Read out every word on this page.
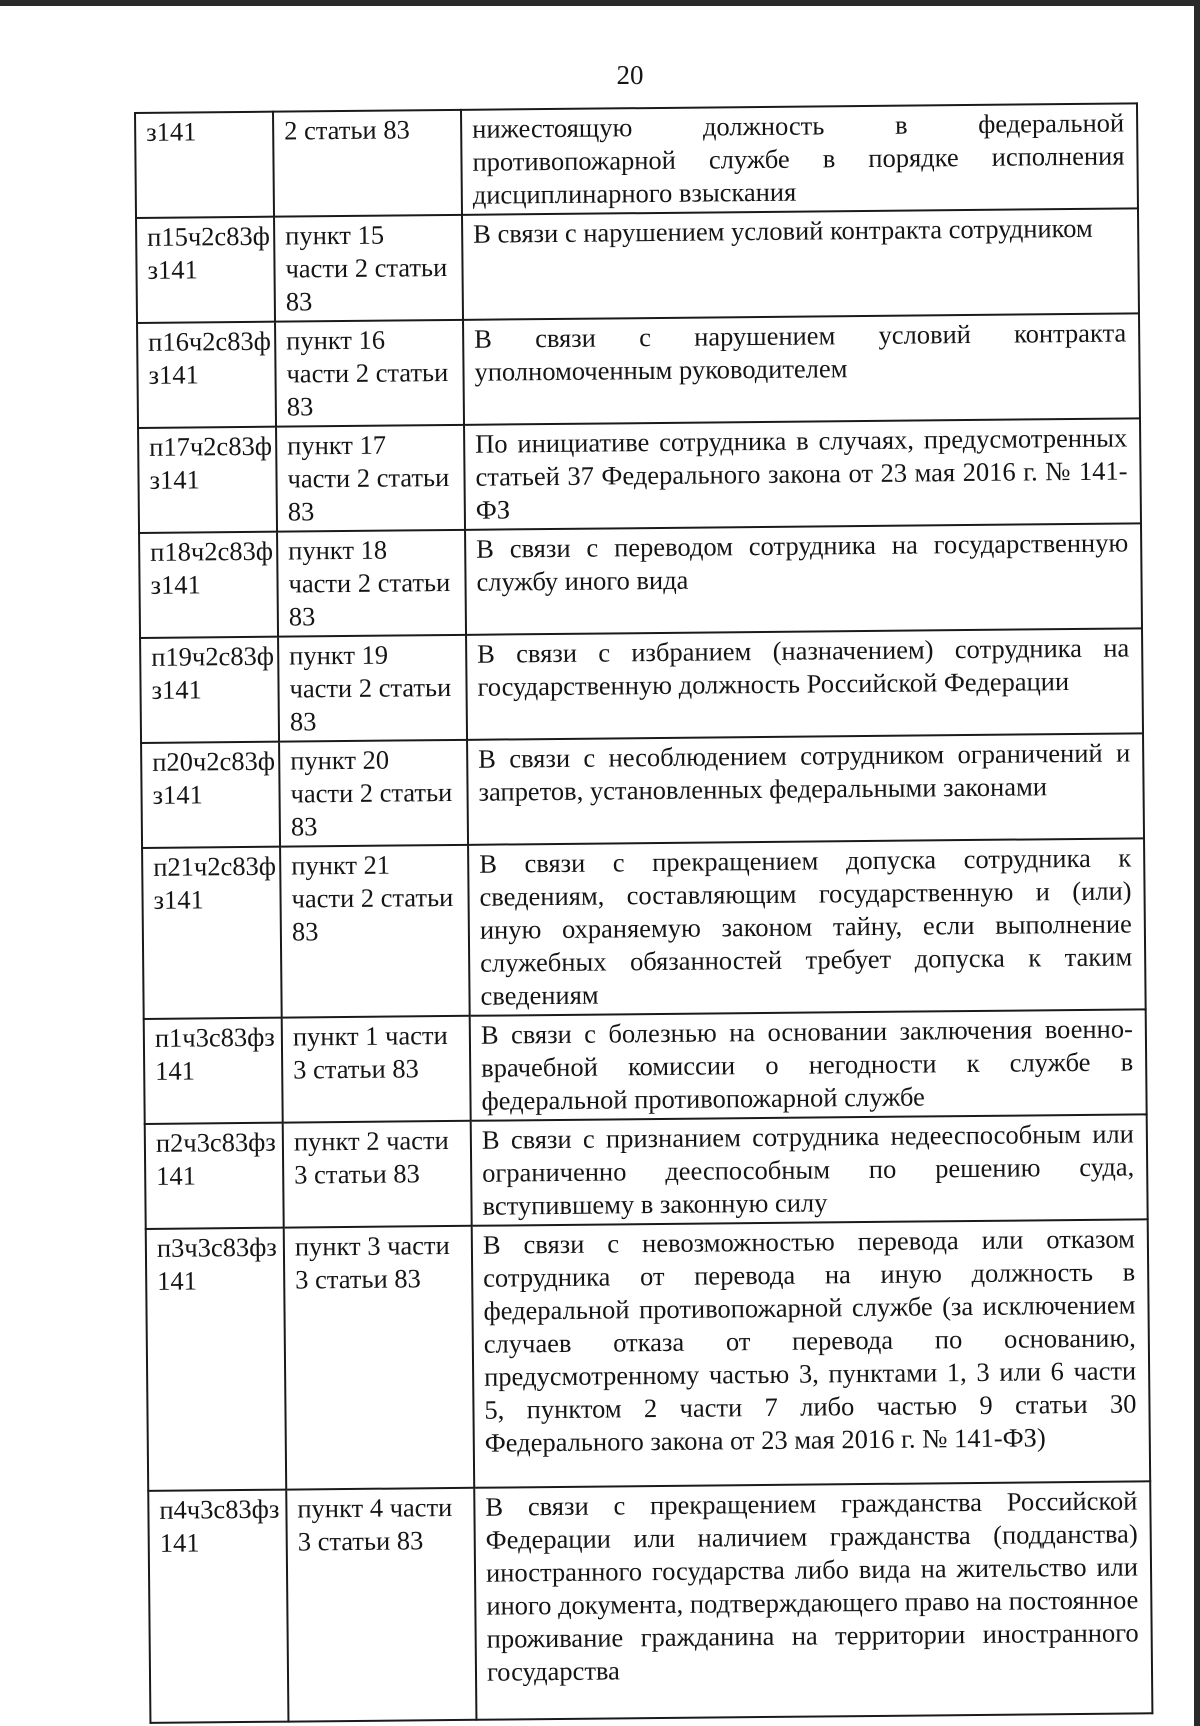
20
з141	2 статьи 83	нижестоящую должность в федеральной противопожарной службе в порядке исполнения дисциплинарного взыскания
п15ч2с83ф з141	пункт 15 части 2 статьи 83	В связи с нарушением условий контракта сотрудником
п16ч2с83ф з141	пункт 16 части 2 статьи 83	В связи с нарушением условий контракта уполномоченным руководителем
п17ч2с83ф з141	пункт 17 части 2 статьи 83	По инициативе сотрудника в случаях, предусмотренных статьей 37 Федерального закона от 23 мая 2016 г. № 141-ФЗ
п18ч2с83ф з141	пункт 18 части 2 статьи 83	В связи с переводом сотрудника на государственную службу иного вида
п19ч2с83ф з141	пункт 19 части 2 статьи 83	В связи с избранием (назначением) сотрудника на государственную должность Российской Федерации
п20ч2с83ф з141	пункт 20 части 2 статьи 83	В связи с несоблюдением сотрудником ограничений и запретов, установленных федеральными законами
п21ч2с83ф з141	пункт 21 части 2 статьи 83	В связи с прекращением допуска сотрудника к сведениям, составляющим государственную и (или) иную охраняемую законом тайну, если выполнение служебных обязанностей требует допуска к таким сведениям
п1ч3с83фз 141	пункт 1 части 3 статьи 83	В связи с болезнью на основании заключения военно-врачебной комиссии о негодности к службе в федеральной противопожарной службе
п2ч3с83фз 141	пункт 2 части 3 статьи 83	В связи с признанием сотрудника недееспособным или ограниченно дееспособным по решению суда, вступившему в законную силу
п3ч3с83фз 141	пункт 3 части 3 статьи 83	В связи с невозможностью перевода или отказом сотрудника от перевода на иную должность в федеральной противопожарной службе (за исключением случаев отказа от перевода по основанию, предусмотренному частью 3, пунктами 1, 3 или 6 части 5, пунктом 2 части 7 либо частью 9 статьи 30 Федерального закона от 23 мая 2016 г. № 141-ФЗ)
п4ч3с83фз 141	пункт 4 части 3 статьи 83	В связи с прекращением гражданства Российской Федерации или наличием гражданства (подданства) иностранного государства либо вида на жительство или иного документа, подтверждающего право на постоянное проживание гражданина на территории иностранного государства
